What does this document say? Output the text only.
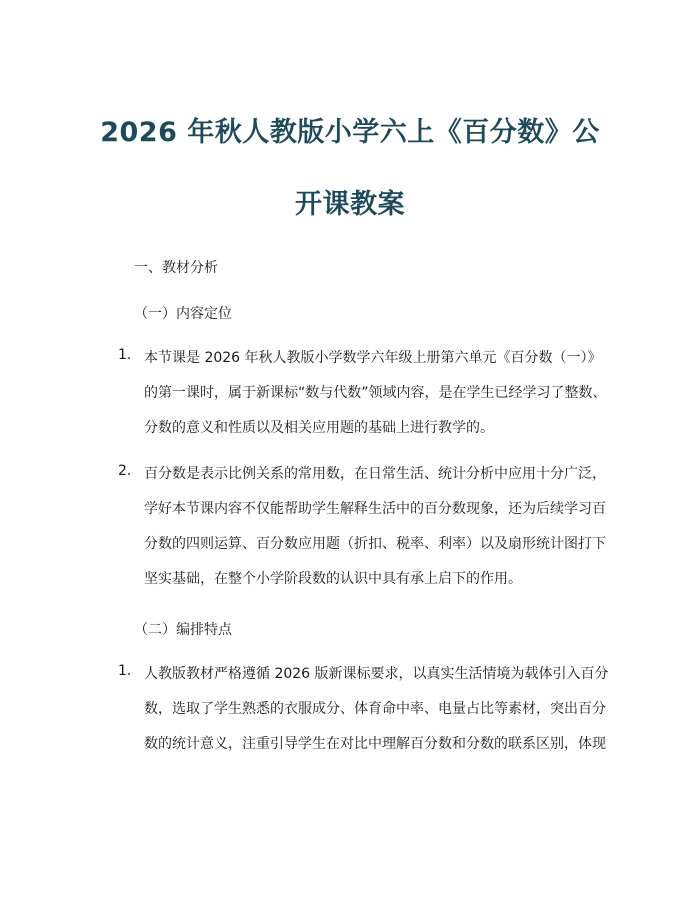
2026 年秋人教版小学六上《百分数》公
开课教案
一、教材分析
（一）内容定位
1. 本节课是 2026 年秋人教版小学数学六年级上册第六单元《百分数（一）》
的第一课时，属于新课标“数与代数”领域内容，是在学生已经学习了整数、
分数的意义和性质以及相关应用题的基础上进行教学的。
2. 百分数是表示比例关系的常用数，在日常生活、统计分析中应用十分广泛，
学好本节课内容不仅能帮助学生解释生活中的百分数现象，还为后续学习百
分数的四则运算、百分数应用题（折扣、税率、利率）以及扇形统计图打下
坚实基础，在整个小学阶段数的认识中具有承上启下的作用。
（二）编排特点
1. 人教版教材严格遵循 2026 版新课标要求，以真实生活情境为载体引入百分
数，选取了学生熟悉的衣服成分、体育命中率、电量占比等素材，突出百分
数的统计意义，注重引导学生在对比中理解百分数和分数的联系区别，体现
